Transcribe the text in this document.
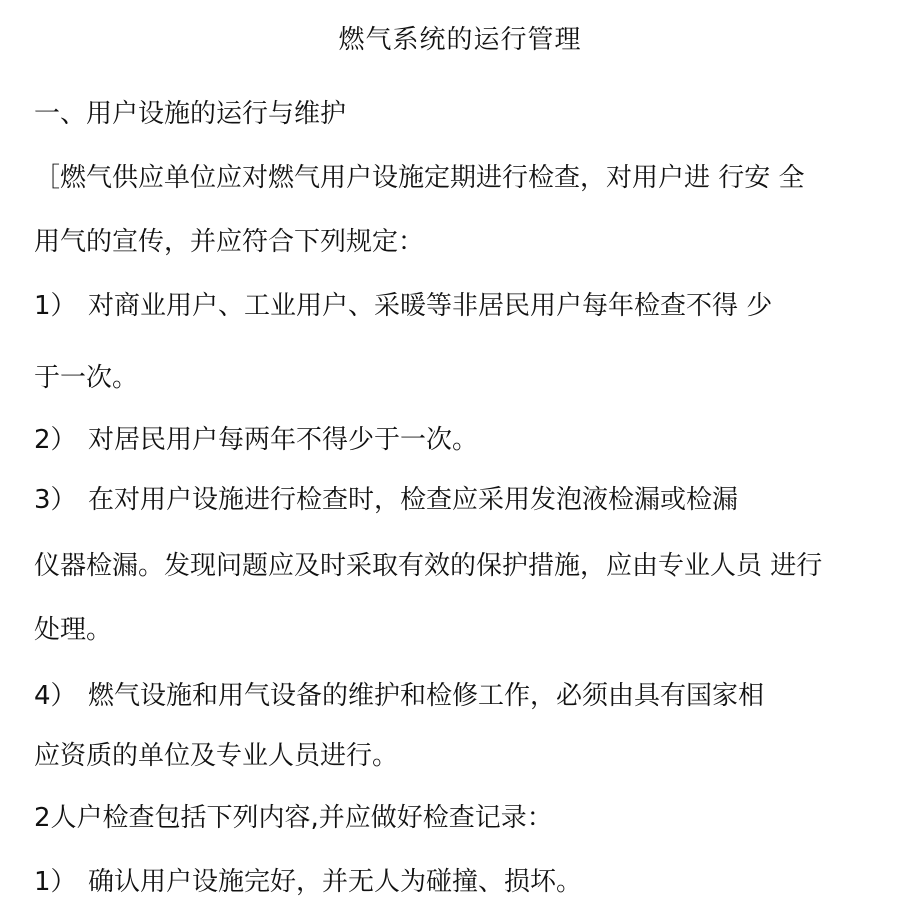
燃气系统的运行管理
一、用户设施的运行与维护
［燃气供应单位应对燃气用户设施定期进行检查，对用户进 行安 全
用气的宣传，并应符合下列规定：
1） 对商业用户、工业用户、采暖等非居民用户每年检查不得 少
于一次。
2） 对居民用户每两年不得少于一次。
3） 在对用户设施进行检查时，检查应采用发泡液检漏或检漏
仪器检漏。发现问题应及时采取有效的保护措施，应由专业人员 进行
处理。
4） 燃气设施和用气设备的维护和检修工作，必须由具有国家相
应资质的单位及专业人员进行。
2人户检查包括下列内容,并应做好检查记录：
1） 确认用户设施完好，并无人为碰撞、损坏。
